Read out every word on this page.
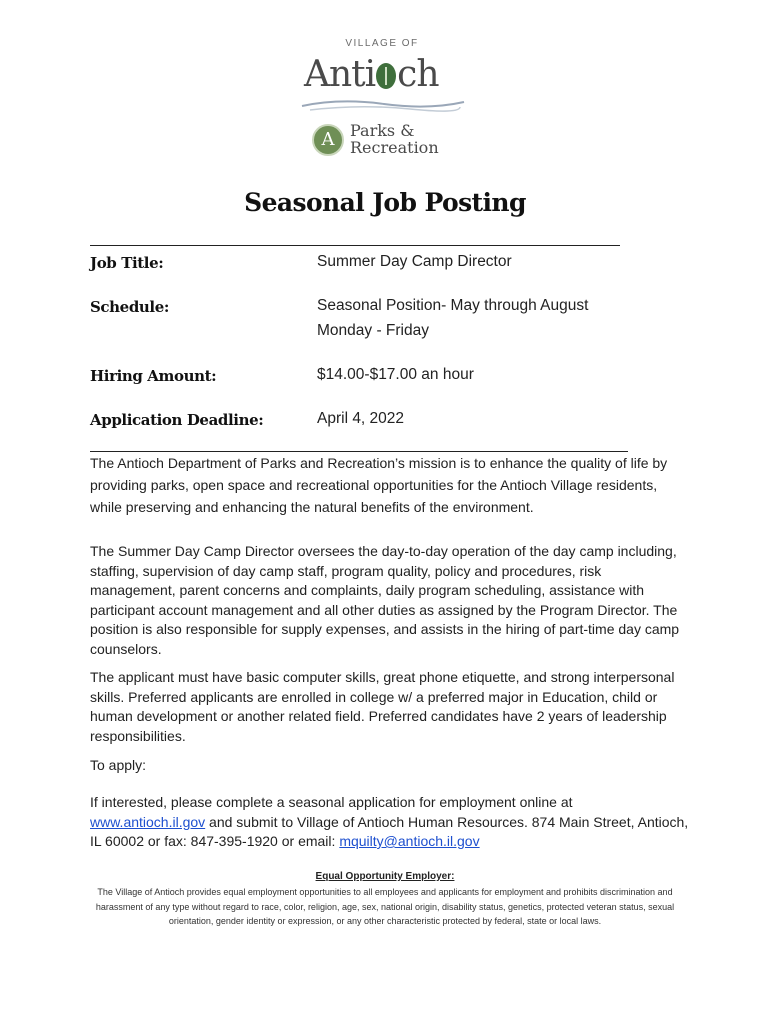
VILLAGE OF
Anti ch
A Parks &
Recreation
Seasonal Job Posting
Job Title:	Summer Day Camp Director
Schedule:	Seasonal Position- May through August
Monday - Friday
Hiring Amount:	$14.00-$17.00 an hour
Application Deadline:	April 4, 2022

The Antioch Department of Parks and Recreation’s mission is to enhance the quality of life by providing parks, open space and recreational opportunities for the Antioch Village residents, while preserving and enhancing the natural benefits of the environment.

The Summer Day Camp Director oversees the day-to-day operation of the day camp including, staffing, supervision of day camp staff, program quality, policy and procedures, risk management, parent concerns and complaints, daily program scheduling, assistance with participant account management and all other duties as assigned by the Program Director. The position is also responsible for supply expenses, and assists in the hiring of part-time day camp counselors.

The applicant must have basic computer skills, great phone etiquette, and strong interpersonal skills. Preferred applicants are enrolled in college w/ a preferred major in Education, child or human development or another related field. Preferred candidates have 2 years of leadership responsibilities.

To apply:

If interested, please complete a seasonal application for employment online at
www.antioch.il.gov and submit to Village of Antioch Human Resources. 874 Main Street, Antioch, IL 60002 or fax: 847-395-1920 or email: mquilty@antioch.il.gov

Equal Opportunity Employer:

The Village of Antioch provides equal employment opportunities to all employees and applicants for employment and prohibits discrimination and harassment of any type without regard to race, color, religion, age, sex, national origin, disability status, genetics, protected veteran status, sexual orientation, gender identity or expression, or any other characteristic protected by federal, state or local laws.
